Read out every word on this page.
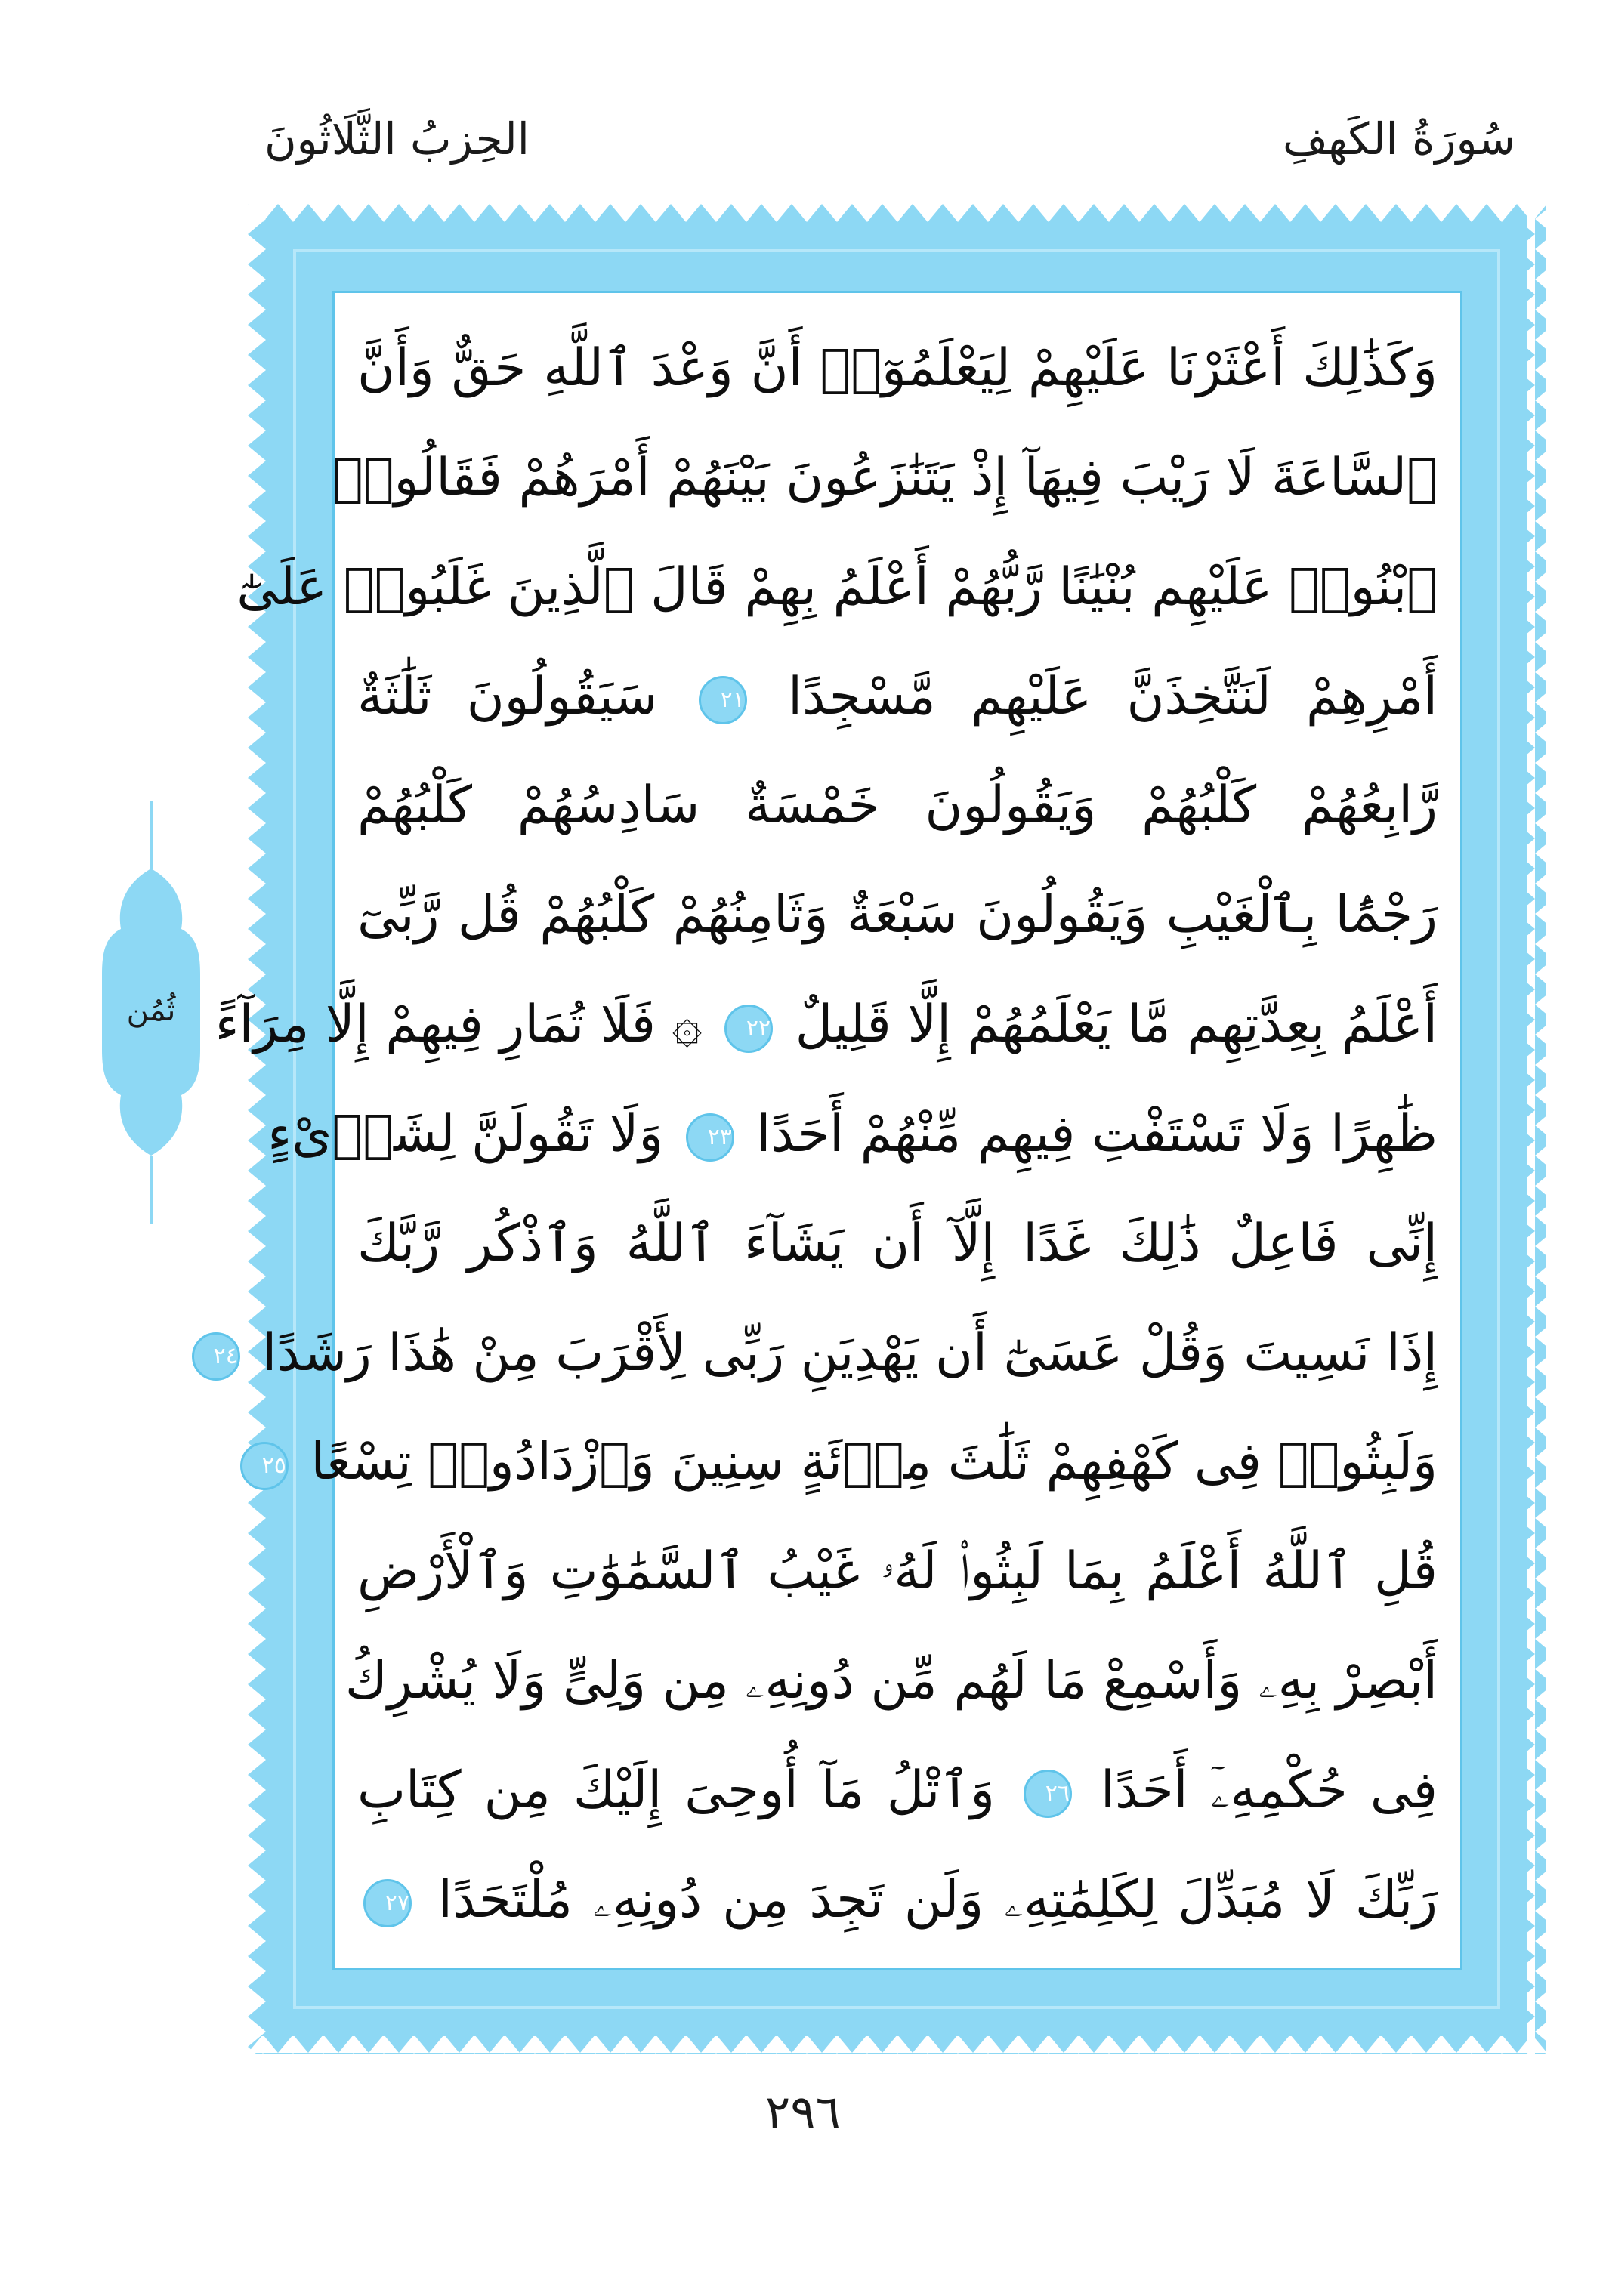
سُورَةُ الكَهفِ
الحِزبُ الثَّلَاثُونَ
وَكَذَٰلِكَ أَعْثَرْنَا عَلَيْهِمْ لِيَعْلَمُوٓا۟ أَنَّ وَعْدَ ٱللَّهِ حَقٌّ وَأَنَّ
ٱلسَّاعَةَ لَا رَيْبَ فِيهَآ إِذْ يَتَنَٰزَعُونَ بَيْنَهُمْ أَمْرَهُمْ فَقَالُوا۟
ٱبْنُوا۟ عَلَيْهِم بُنْيَٰنًا رَّبُّهُمْ أَعْلَمُ بِهِمْ قَالَ ٱلَّذِينَ غَلَبُوا۟ عَلَىٰٓ
أَمْرِهِمْ لَنَتَّخِذَنَّ عَلَيْهِم مَّسْجِدًا ٢١ سَيَقُولُونَ ثَلَٰثَةٌ
رَّابِعُهُمْ كَلْبُهُمْ وَيَقُولُونَ خَمْسَةٌ سَادِسُهُمْ كَلْبُهُمْ
رَجْمًۢا بِٱلْغَيْبِ وَيَقُولُونَ سَبْعَةٌ وَثَامِنُهُمْ كَلْبُهُمْ قُل رَّبِّىٓ
أَعْلَمُ بِعِدَّتِهِم مَّا يَعْلَمُهُمْ إِلَّا قَلِيلٌ ٢٢ ۞ فَلَا تُمَارِ فِيهِمْ إِلَّا مِرَآءً
ظَٰهِرًا وَلَا تَسْتَفْتِ فِيهِم مِّنْهُمْ أَحَدًا ٢٣ وَلَا تَقُولَنَّ لِشَا۟ىْءٍ
إِنِّى فَاعِلٌ ذَٰلِكَ غَدًا إِلَّآ أَن يَشَآءَ ٱللَّهُ وَٱذْكُر رَّبَّكَ
إِذَا نَسِيتَ وَقُلْ عَسَىٰٓ أَن يَهْدِيَنِ رَبِّى لِأَقْرَبَ مِنْ هَٰذَا رَشَدًا ٢٤
وَلَبِثُوا۟ فِى كَهْفِهِمْ ثَلَٰثَ مِا۟ئَةٍ سِنِينَ وَٱزْدَادُوا۟ تِسْعًا ٢٥
قُلِ ٱللَّهُ أَعْلَمُ بِمَا لَبِثُوا۟ لَهُۥ غَيْبُ ٱلسَّمَٰوَٰتِ وَٱلْأَرْضِ
أَبْصِرْ بِهِۦ وَأَسْمِعْ مَا لَهُم مِّن دُونِهِۦ مِن وَلِىٍّ وَلَا يُشْرِكُ
فِى حُكْمِهِۦٓ أَحَدًا ٢٦ وَٱتْلُ مَآ أُوحِىَ إِلَيْكَ مِن كِتَابِ
رَبِّكَ لَا مُبَدِّلَ لِكَلِمَٰتِهِۦ وَلَن تَجِدَ مِن دُونِهِۦ مُلْتَحَدًا ٢٧
ثُمُن
٢٩٦
